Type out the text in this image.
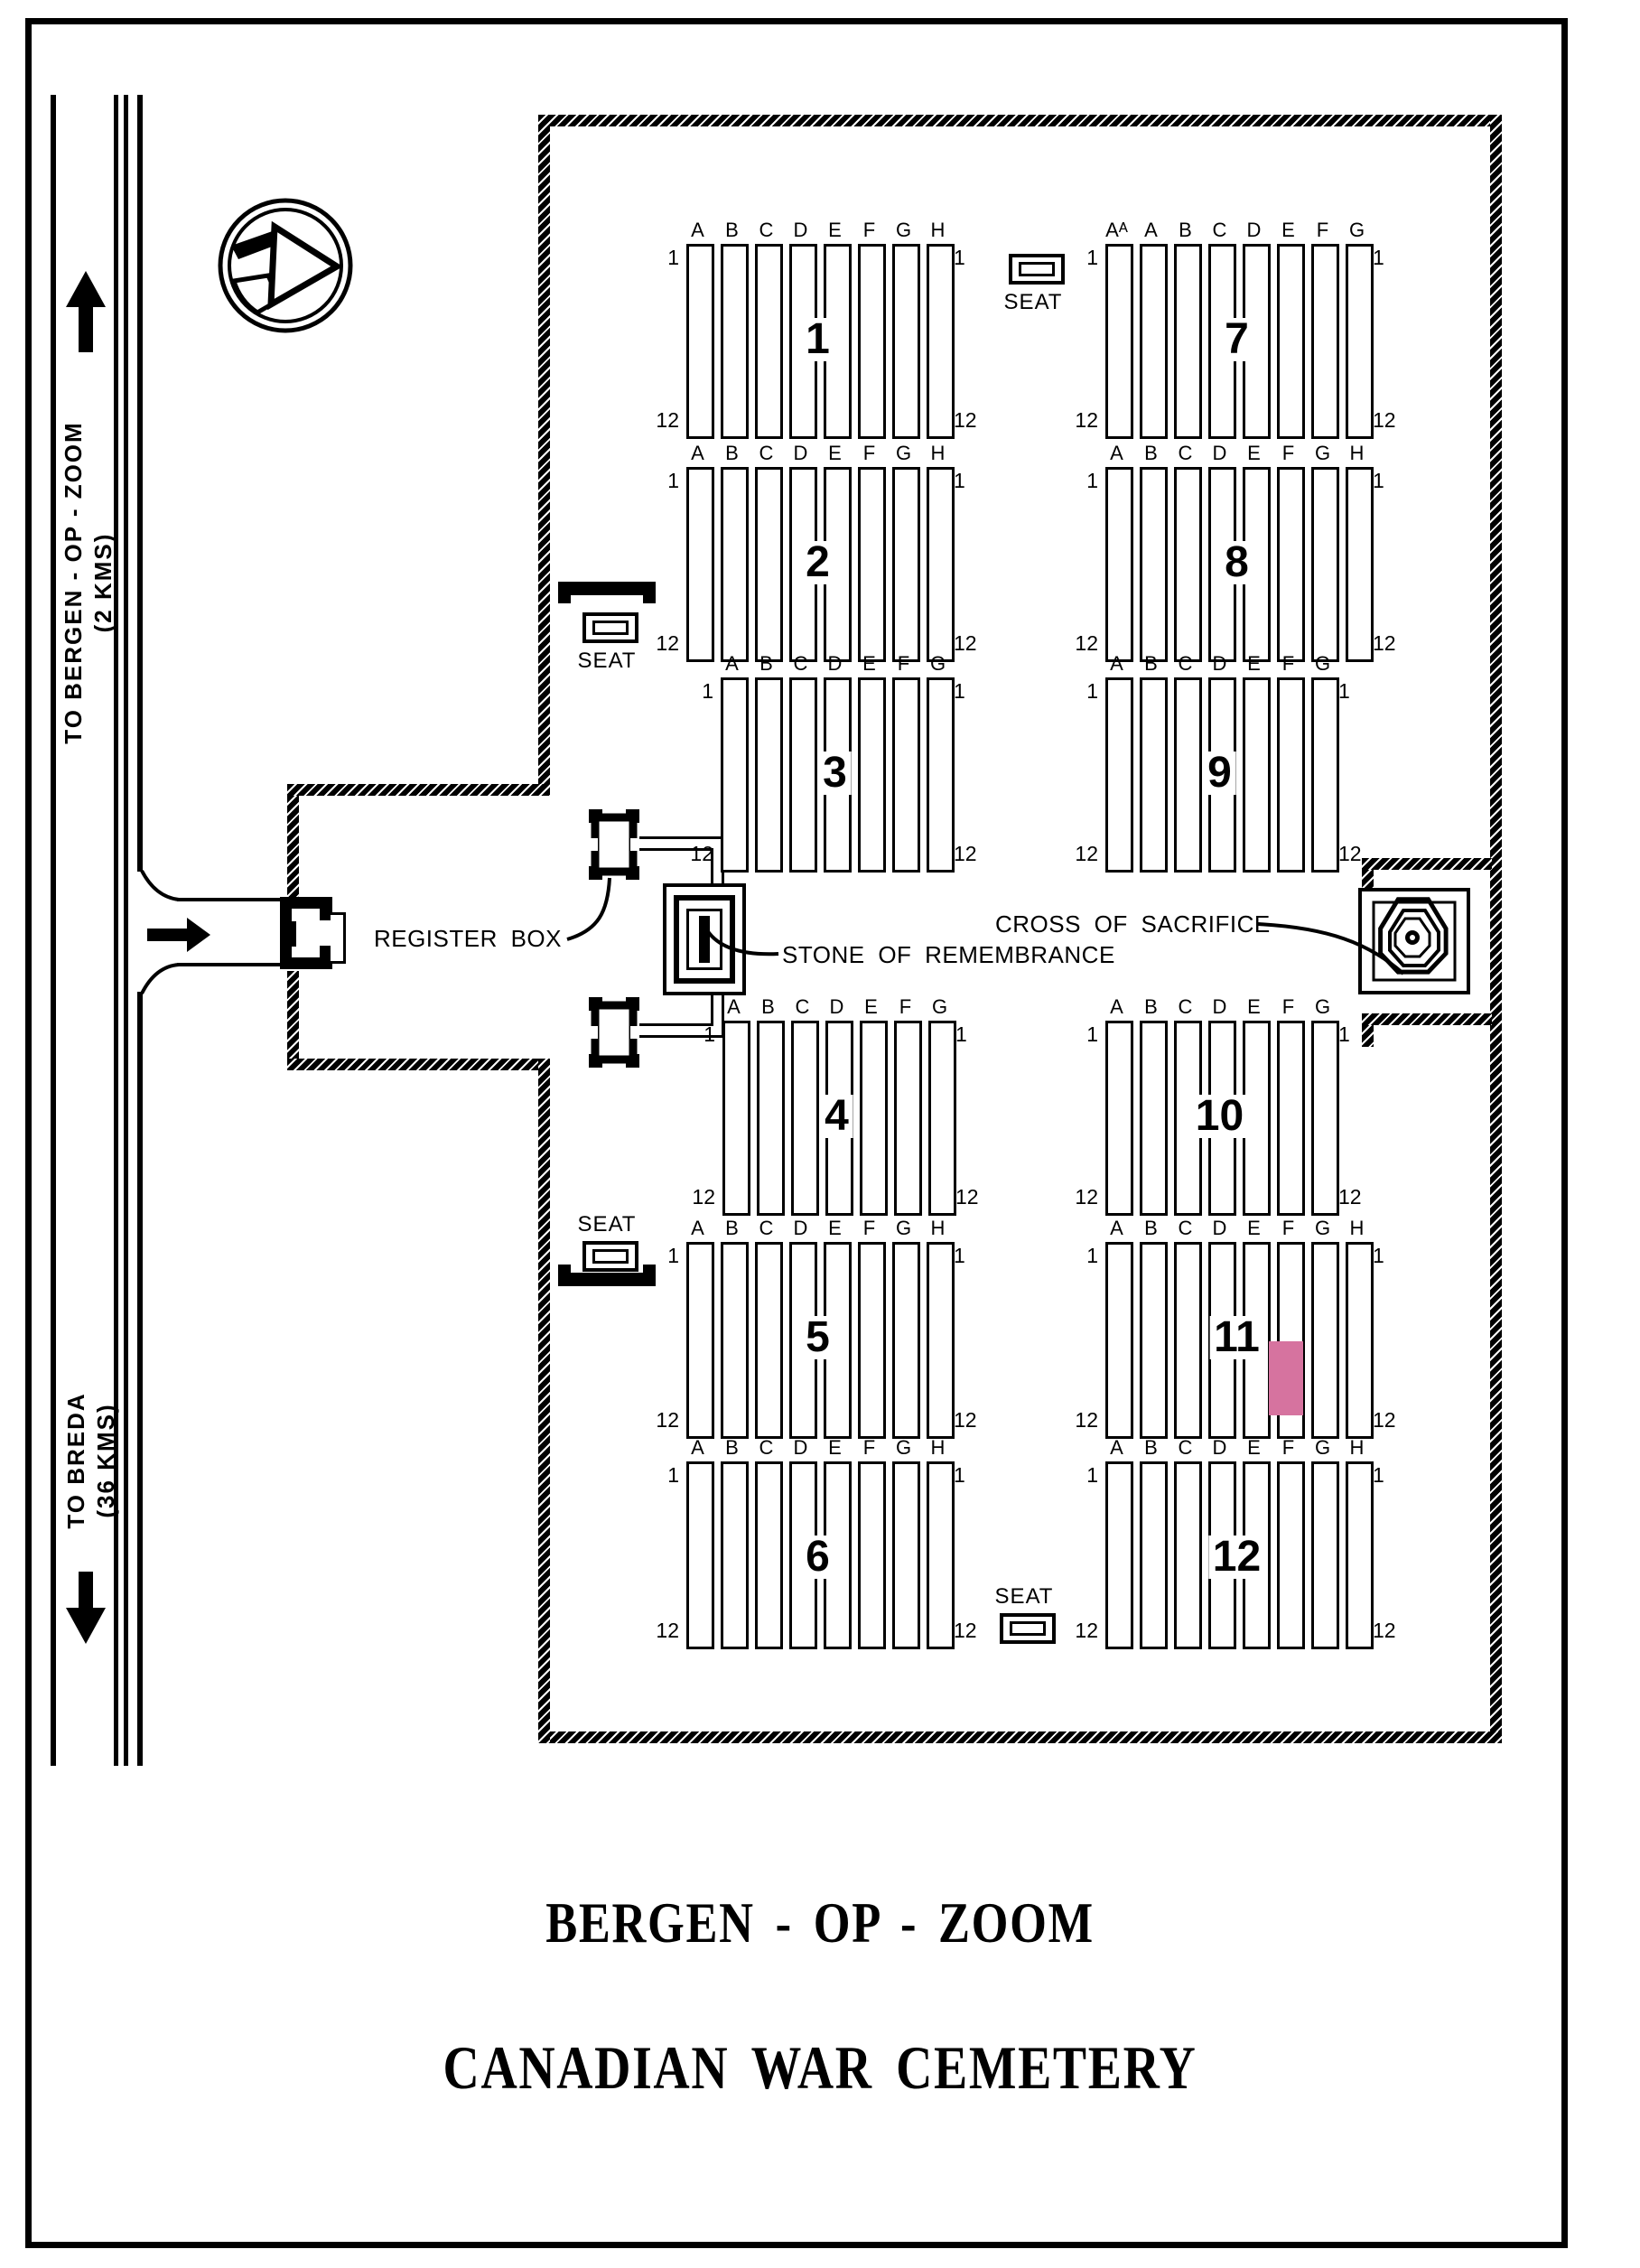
TO BERGEN - OP - ZOOM (2 KMS)
TO BREDA (36 KMS)
REGISTER BOX
STONE OF REMEMBRANCE
CROSS OF SACRIFICE
A	B	C	D	E	F	G H
1	1
12	12
1
A	B	C	D	E	F	G H
1	1
12	12
2
A	B	C	D	E	F	G
1	1
12	12
3
A	B	C	D	E	F	G
1	1
12	12
4
A	B	C	D	E	F	G H
1	1
12	12
5
A	B	C	D	E	F	G H
1	1
12	12
6
Aᴬ A	B	C	D	E	F	G
1	1
12	12
7
A	B	C	D	E	F	G H
1	1
12	12
8
A	B	C	D	E	F	G
1	1
12	12
9
A	B	C	D	E	F	G
1	1
12	12
10
A	B	C	D	E	F	G H
1	1
12	12
11
A	B	C	D	E	F	G H
1	1
12	12
12
SEAT
SEAT
SEAT
SEAT
BERGEN - OP - ZOOM
CANADIAN WAR CEMETERY
